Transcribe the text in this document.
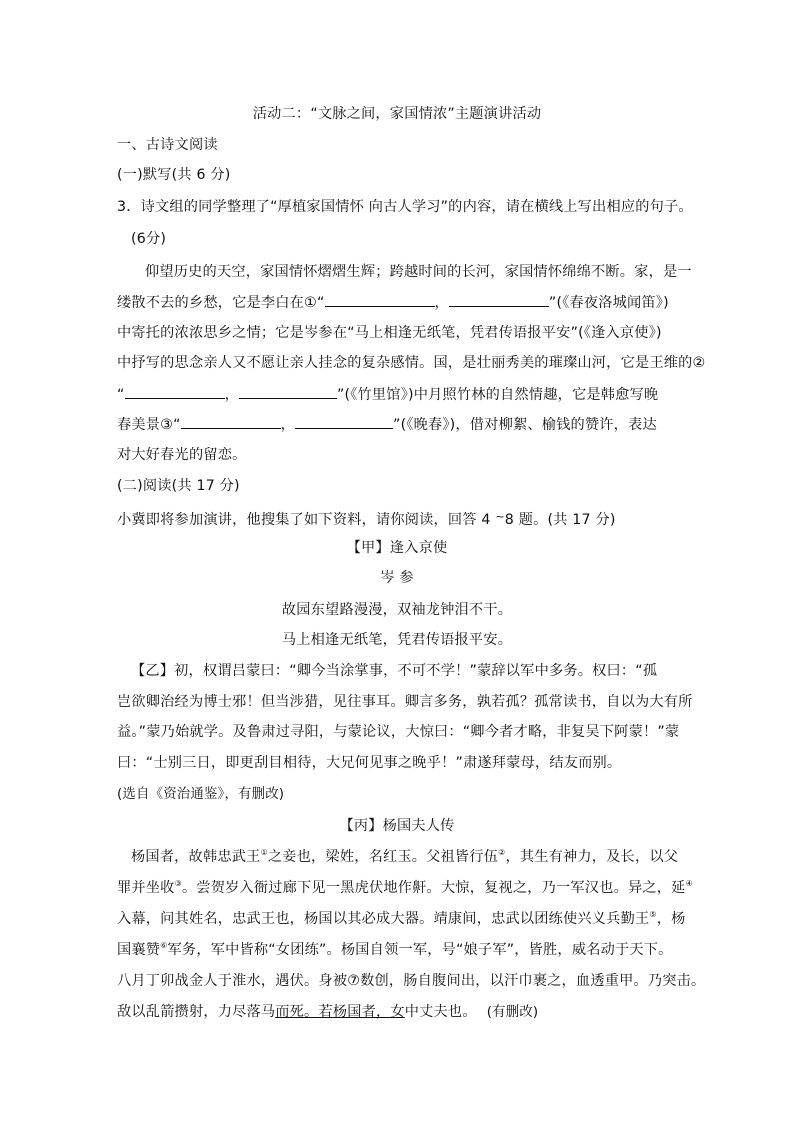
活动二：“文脉之间，家国情浓”主题演讲活动
一、古诗文阅读
(一)默写(共 6 分)
3．诗文组的同学整理了“厚植家国情怀 向古人学习”的内容，请在横线上写出相应的句子。
(6分)
仰望历史的天空，家国情怀熠熠生辉；跨越时间的长河，家国情怀绵绵不断。家，是一
缕散不去的乡愁，它是李白在①“	，	”(《春夜洛城闻笛》)
中寄托的浓浓思乡之情；它是岑参在“马上相逢无纸笔，凭君传语报平安”(《逢入京使》)
中抒写的思念亲人又不愿让亲人挂念的复杂感情。国，是壮丽秀美的璀璨山河，它是王维的②
“	，	”(《竹里馆》)中月照竹林的自然情趣，它是韩愈写晚
春美景③“	，	”(《晚春》)，借对柳絮、榆钱的赞许，表达
对大好春光的留恋。
(二)阅读(共 17 分)
小冀即将参加演讲，他搜集了如下资料，请你阅读，回答 4 ~8 题。(共 17 分)
【甲】逢入京使
岑 参
故园东望路漫漫，双袖龙钟泪不干。
马上相逢无纸笔，凭君传语报平安。
【乙】初，权谓吕蒙曰：“卿今当涂掌事，不可不学！”蒙辞以军中多务。权曰：“孤
岂欲卿治经为博士邪！但当涉猎，见往事耳。卿言多务，孰若孤？孤常读书，自以为大有所
益。”蒙乃始就学。及鲁肃过寻阳，与蒙论议，大惊曰：“卿今者才略，非复吴下阿蒙！”蒙
曰：“士别三日，即更刮目相待，大兄何见事之晚乎！”肃遂拜蒙母，结友而别。
(选自《资治通鉴》，有删改)
【丙】杨国夫人传
杨国者，故韩忠武王①之妾也，梁姓，名红玉。父祖皆行伍②，其生有神力，及长，以父
罪并坐收③。尝贺岁入衙过廊下见一黑虎伏地作鼾。大惊，复视之，乃一军汉也。异之，延④
入幕，问其姓名，忠武王也，杨国以其必成大器。靖康间，忠武以团练使兴义兵勤王⑤，杨
国襄赞⑥军务，军中皆称“女团练”。杨国自领一军，号“娘子军”，皆胜，威名动于天下。
八月丁卯战金人于淮水，遇伏。身被⑦数创，肠自腹间出，以汗巾裹之，血透重甲。乃突击。
敌以乱箭攒射，力尽落马而死。若杨国者，女中丈夫也。 (有删改)
